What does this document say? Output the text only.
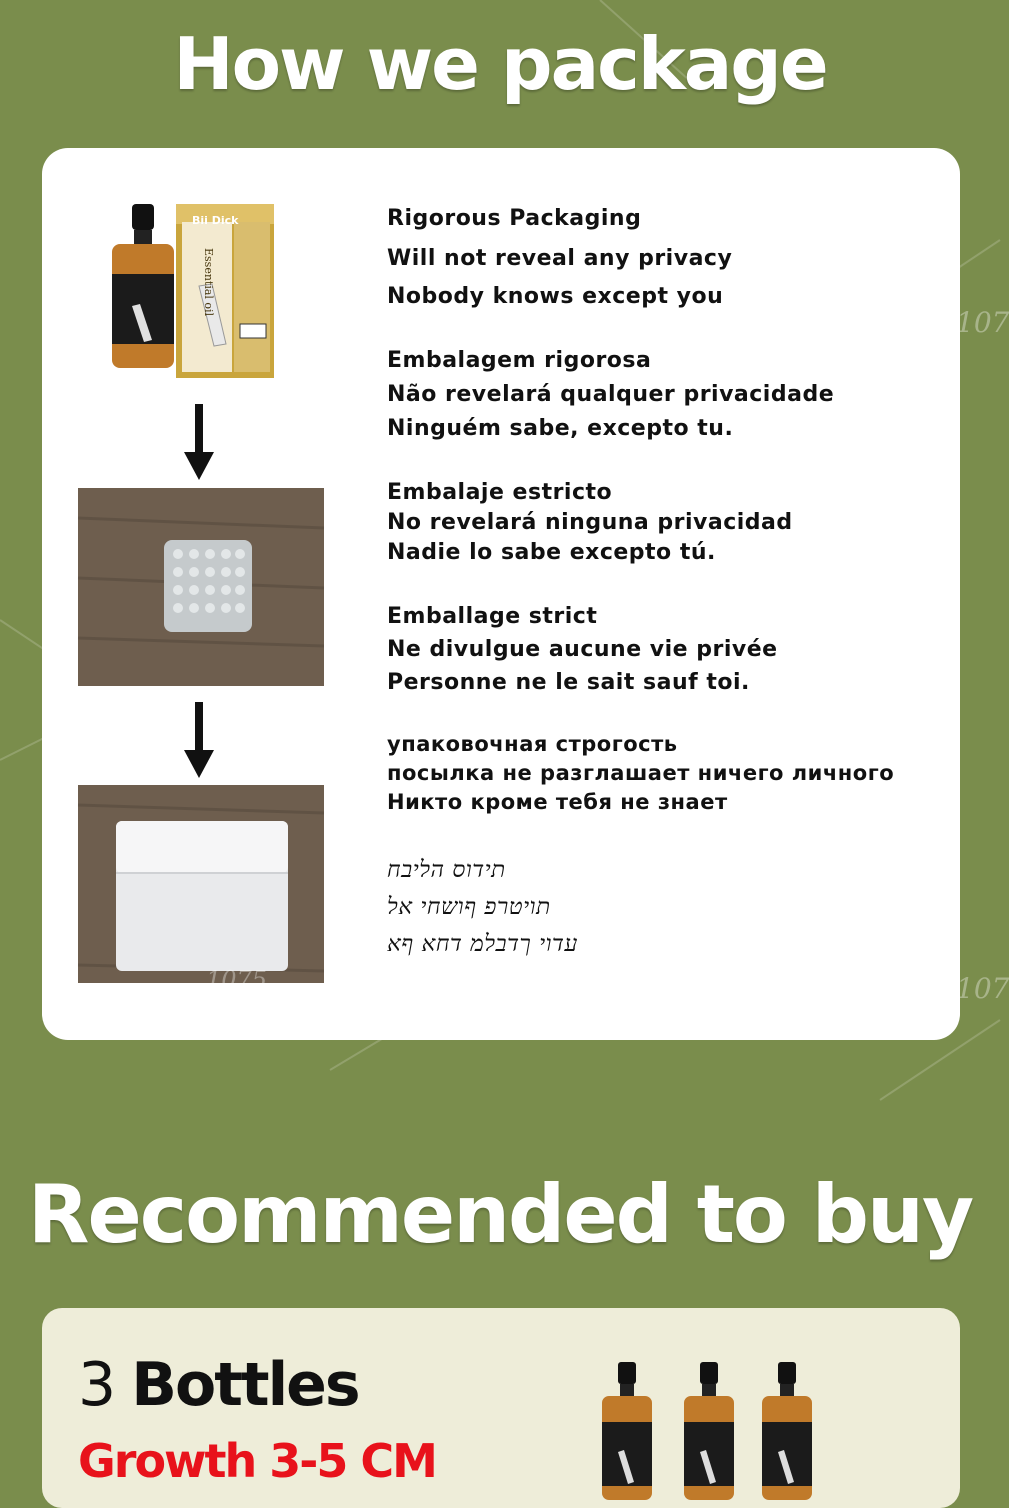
How we package
Bii Dick
Essential oil
Rigorous Packaging
Will not reveal any privacy
Nobody knows except you
Embalagem rigorosa
Não revelará qualquer privacidade
Ninguém sabe, excepto tu.
Embalaje estricto
No revelará ninguna privacidad
Nadie lo sabe excepto tú.
Emballage strict
Ne divulgue aucune vie privée
Personne ne le sait sauf toi.
упаковочная строгость
посылка не разглашает ничего личного
Никто кроме тебя не знает
תידוס הליבח
תויטרפ ףושחי אל
עדוי ךדבלמ דחא ףא
107
1075	107
Recommended to buy
3 Bottles
Growth 3-5 CM
